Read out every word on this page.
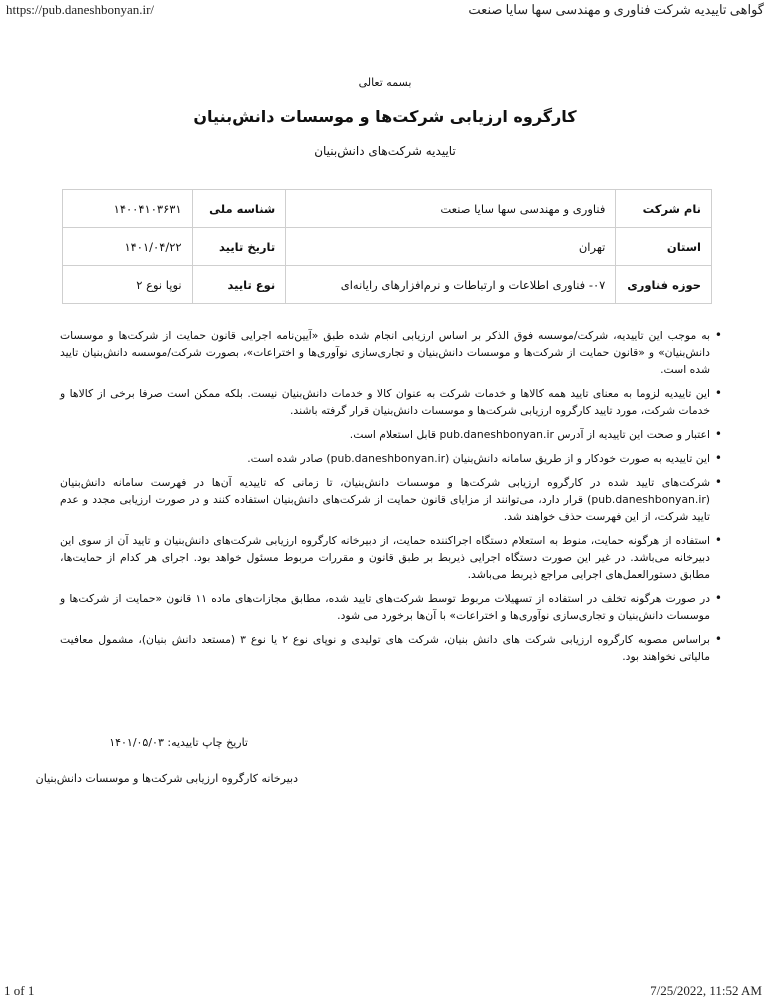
https://pub.daneshbonyan.ir/	گواهی تاییدیه شرکت فناوری و مهندسی سها سایا صنعت
بسمه تعالی
کارگروه ارزیابی شرکت‌ها و موسسات دانش‌بنیان
تاییدیه شرکت‌های دانش‌بنیان
نام شرکت	فناوری و مهندسی سها سایا صنعت	شناسه ملی	۱۴۰۰۴۱۰۳۶۳۱
استان	تهران	تاریخ تایید	۱۴۰۱/۰۴/۲۲
حوزه فناوری	۰۷- فناوری اطلاعات و ارتباطات و نرم‌افزارهای رایانه‌ای	نوع تایید	نوپا نوع ۲
• به موجب این تاییدیه، شرکت/موسسه فوق الذکر بر اساس ارزیابی انجام شده طبق «آیین‌نامه اجرایی قانون حمایت از شرکت‌ها و موسسات دانش‌بنیان» و «قانون حمایت از شرکت‌ها و موسسات دانش‌بنیان و تجاری‌سازی نوآوری‌ها و اختراعات»، بصورت شرکت/موسسه دانش‌بنیان تایید شده است.
• این تاییدیه لزوما به معنای تایید همه کالاها و خدمات شرکت به عنوان کالا و خدمات دانش‌بنیان نیست. بلکه ممکن است صرفا برخی از کالاها و خدمات شرکت، مورد تایید کارگروه ارزیابی شرکت‌ها و موسسات دانش‌بنیان قرار گرفته باشند.
• اعتبار و صحت این تاییدیه از آدرس pub.daneshbonyan.ir قابل استعلام است.
• این تاییدیه به صورت خودکار و از طریق سامانه دانش‌بنیان (pub.daneshbonyan.ir) صادر شده است.
• شرکت‌های تایید شده در کارگروه ارزیابی شرکت‌ها و موسسات دانش‌بنیان، تا زمانی که تاییدیه آن‌ها در فهرست سامانه دانش‌بنیان (pub.daneshbonyan.ir) قرار دارد، می‌توانند از مزایای قانون حمایت از شرکت‌های دانش‌بنیان استفاده کنند و در صورت ارزیابی مجدد و عدم تایید شرکت، از این فهرست حذف خواهند شد.
• استفاده از هرگونه حمایت، منوط به استعلام دستگاه اجراکننده حمایت، از دبیرخانه کارگروه ارزیابی شرکت‌های دانش‌بنیان و تایید آن از سوی این دبیرخانه می‌باشد. در غیر این صورت دستگاه اجرایی ذیربط بر طبق قانون و مقررات مربوط مسئول خواهد بود. اجرای هر کدام از حمایت‌ها، مطابق دستورالعمل‌های اجرایی مراجع ذیربط می‌باشد.
• در صورت هرگونه تخلف در استفاده از تسهیلات مربوط توسط شرکت‌های تایید شده، مطابق مجازات‌های ماده ۱۱ قانون «حمایت از شرکت‌ها و موسسات دانش‌بنیان و تجاری‌سازی نوآوری‌ها و اختراعات» با آن‌ها برخورد می شود.
• براساس مصوبه کارگروه ارزیابی شرکت های دانش بنیان، شرکت های تولیدی و نوپای نوع ۲ یا نوع ۳ (مستعد دانش بنیان)، مشمول معافیت مالیاتی نخواهند بود.
تاریخ چاپ تاییدیه: ۱۴۰۱/۰۵/۰۳
دبیرخانه کارگروه ارزیابی شرکت‌ها و موسسات دانش‌بنیان
1 of 1	7/25/2022, 11:52 AM
